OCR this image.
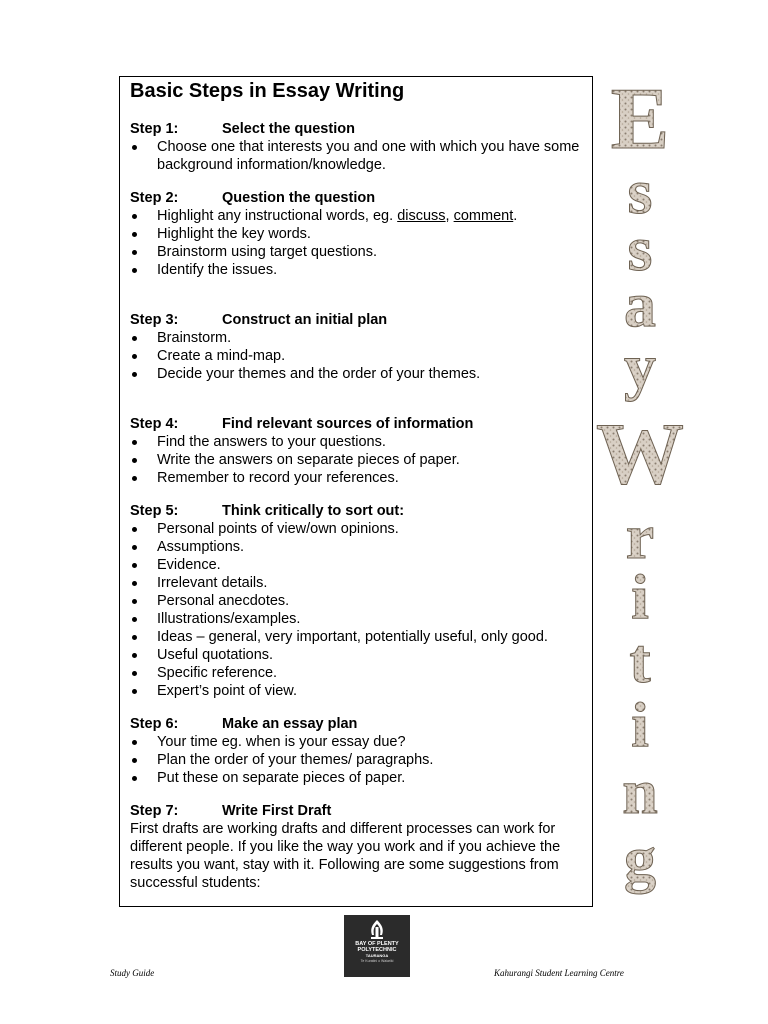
Basic Steps in Essay Writing
Step 1:	Select the question
Choose one that interests you and one with which you have some background information/knowledge.
Step 2:	Question the question
Highlight any instructional words, eg. discuss, comment.
Highlight the key words.
Brainstorm using target questions.
Identify the issues.
Step 3:	Construct an initial plan
Brainstorm.
Create a mind-map.
Decide your themes and the order of your themes.
Step 4:	Find relevant sources of information
Find the answers to your questions.
Write the answers on separate pieces of paper.
Remember to record your references.
Step 5:	Think critically to sort out:
Personal points of view/own opinions.
Assumptions.
Evidence.
Irrelevant details.
Personal anecdotes.
Illustrations/examples.
Ideas – general, very important, potentially useful, only good.
Useful quotations.
Specific reference.
Expert’s point of view.
Step 6:	Make an essay plan
Your time eg. when is your essay due?
Plan the order of your themes/ paragraphs.
Put these on separate pieces of paper.
Step 7:	Write First Draft

First drafts are working drafts and different processes can work for different people. If you like the way you work and if you achieve the results you want, stay with it. Following are some suggestions from successful students:

E
s
s
a
y
W
r
i
t
i
n
g
BAY OF PLENTY
POLYTECHNIC
TAURANGA
Te Kuratini o Waiariki
Study Guide	Kahurangi Student Learning Centre
